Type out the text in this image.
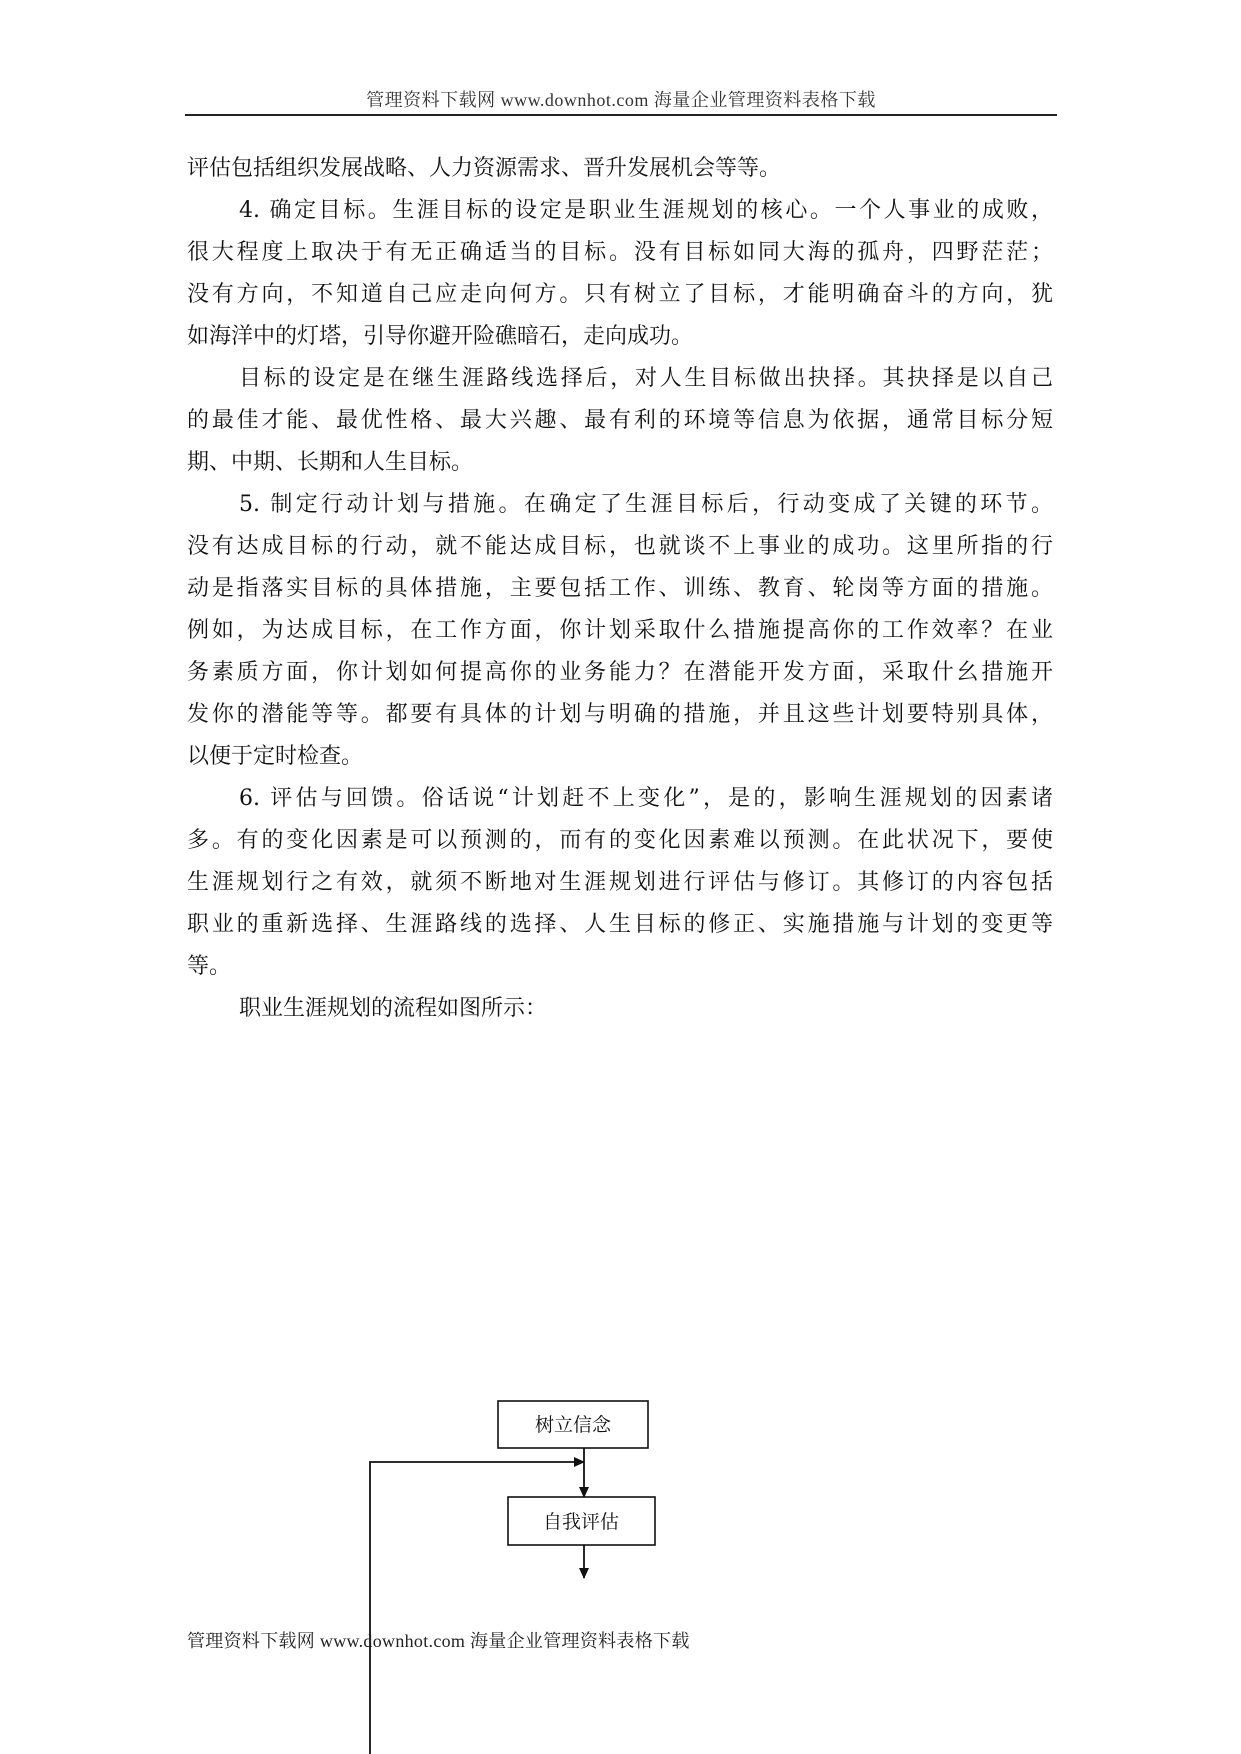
管理资料下载网 www.downhot.com 海量企业管理资料表格下载
评估包括组织发展战略、人力资源需求、晋升发展机会等等。
4. 确定目标。生涯目标的设定是职业生涯规划的核心。一个人事业的成败，
很大程度上取决于有无正确适当的目标。没有目标如同大海的孤舟，四野茫茫；
没有方向，不知道自己应走向何方。只有树立了目标，才能明确奋斗的方向，犹
如海洋中的灯塔，引导你避开险礁暗石，走向成功。
目标的设定是在继生涯路线选择后，对人生目标做出抉择。其抉择是以自己
的最佳才能、最优性格、最大兴趣、最有利的环境等信息为依据，通常目标分短
期、中期、长期和人生目标。
5. 制定行动计划与措施。在确定了生涯目标后，行动变成了关键的环节。
没有达成目标的行动，就不能达成目标，也就谈不上事业的成功。这里所指的行
动是指落实目标的具体措施，主要包括工作、训练、教育、轮岗等方面的措施。
例如，为达成目标，在工作方面，你计划采取什么措施提高你的工作效率？在业
务素质方面，你计划如何提高你的业务能力？在潜能开发方面，采取什幺措施开
发你的潜能等等。都要有具体的计划与明确的措施，并且这些计划要特别具体，
以便于定时检查。
6. 评估与回馈。俗话说“计划赶不上变化”，是的，影响生涯规划的因素诸
多。有的变化因素是可以预测的，而有的变化因素难以预测。在此状况下，要使
生涯规划行之有效，就须不断地对生涯规划进行评估与修订。其修订的内容包括
职业的重新选择、生涯路线的选择、人生目标的修正、实施措施与计划的变更等
等。
职业生涯规划的流程如图所示：
树立信念
自我评估
管理资料下载网 www.downhot.com 海量企业管理资料表格下载
